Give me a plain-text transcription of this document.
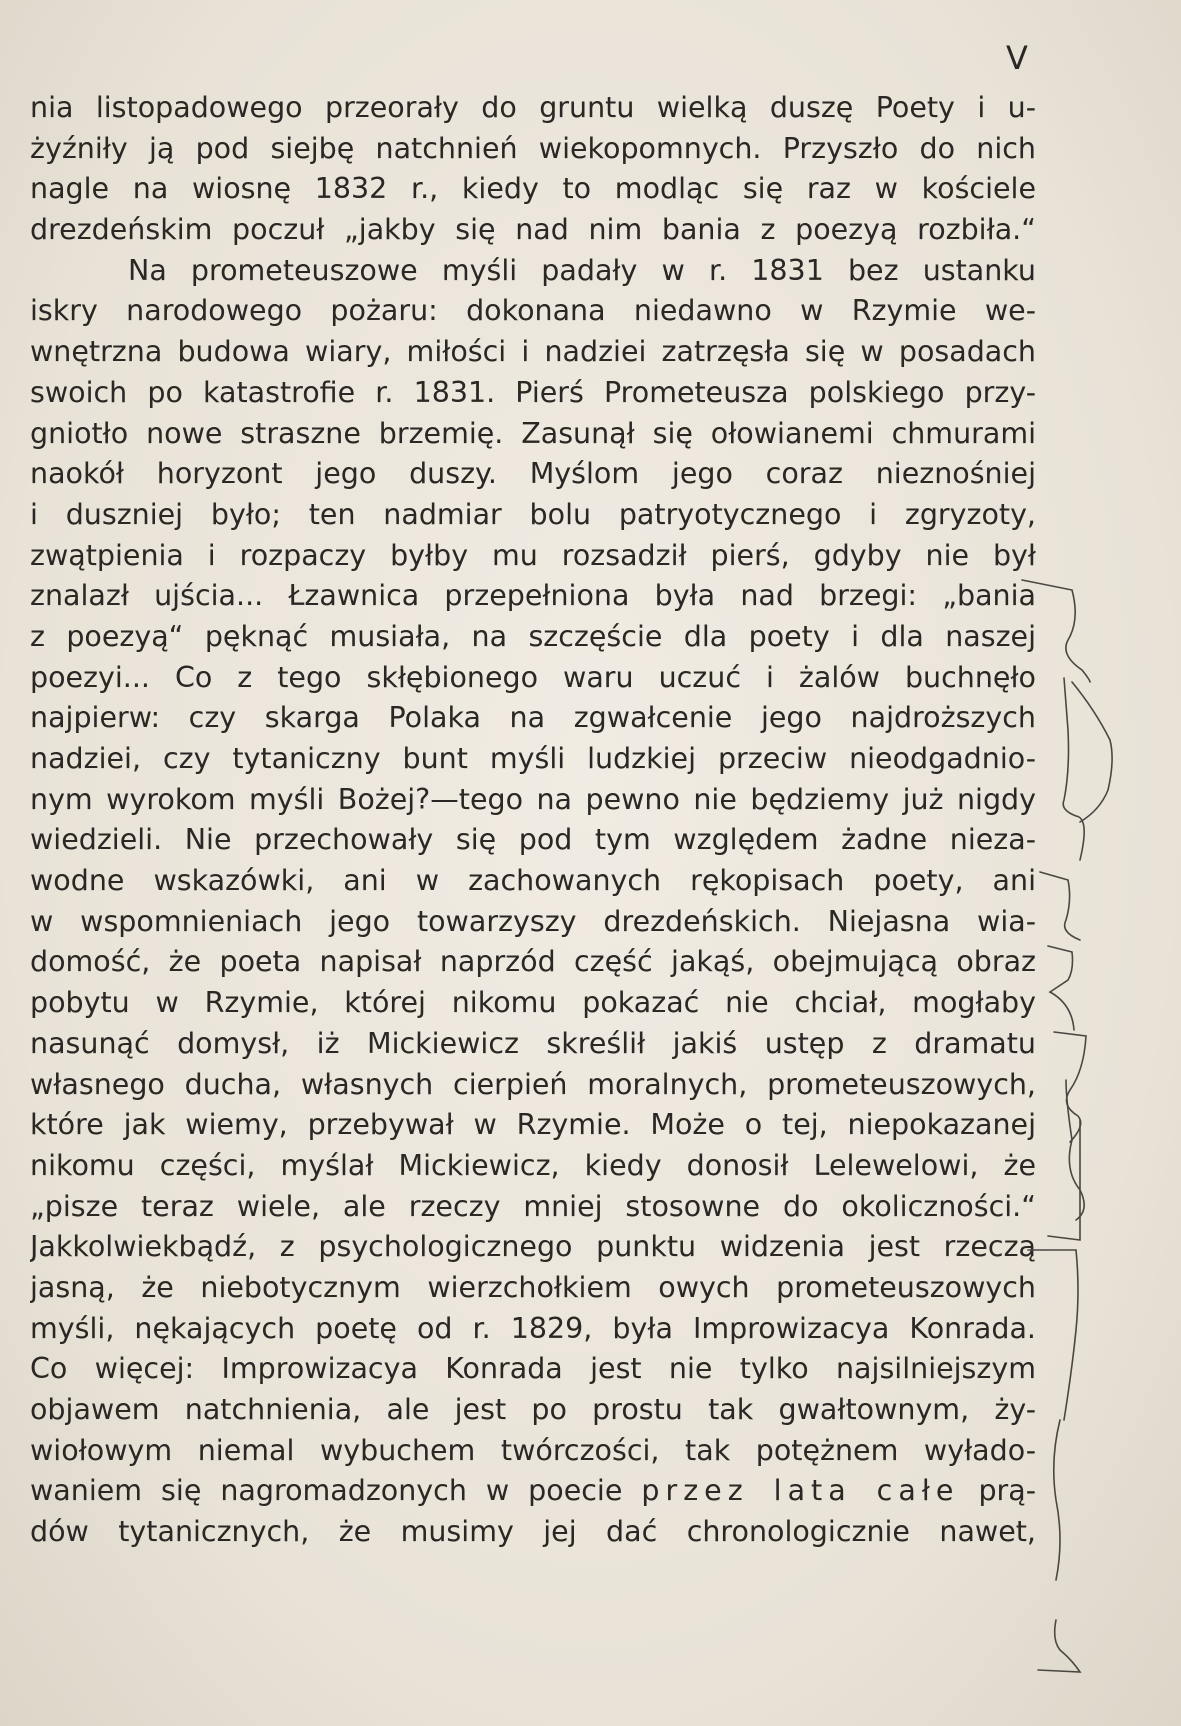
V
nia listopadowego przeorały do gruntu wielką duszę Poety i u-
żyźniły ją pod siejbę natchnień wiekopomnych. Przyszło do nich
nagle na wiosnę 1832 r., kiedy to modląc się raz w kościele
drezdeńskim poczuł „jakby się nad nim bania z poezyą rozbiła.“
Na prometeuszowe myśli padały w r. 1831 bez ustanku
iskry narodowego pożaru: dokonana niedawno w Rzymie we-
wnętrzna budowa wiary, miłości i nadziei zatrzęsła się w posadach
swoich po katastrofie r. 1831. Pierś Prometeusza polskiego przy-
gniotło nowe straszne brzemię. Zasunął się ołowianemi chmurami
naokół horyzont jego duszy. Myślom jego coraz nieznośniej
i duszniej było; ten nadmiar bolu patryotycznego i zgryzoty,
zwątpienia i rozpaczy byłby mu rozsadził pierś, gdyby nie był
znalazł ujścia... Łzawnica przepełniona była nad brzegi: „bania
z poezyą“ pęknąć musiała, na szczęście dla poety i dla naszej
poezyi... Co z tego skłębionego waru uczuć i żalów buchnęło
najpierw: czy skarga Polaka na zgwałcenie jego najdroższych
nadziei, czy tytaniczny bunt myśli ludzkiej przeciw nieodgadnio-
nym wyrokom myśli Bożej?—tego na pewno nie będziemy już nigdy
wiedzieli. Nie przechowały się pod tym względem żadne nieza-
wodne wskazówki, ani w zachowanych rękopisach poety, ani
w wspomnieniach jego towarzyszy drezdeńskich. Niejasna wia-
domość, że poeta napisał naprzód część jakąś, obejmującą obraz
pobytu w Rzymie, której nikomu pokazać nie chciał, mogłaby
nasunąć domysł, iż Mickiewicz skreślił jakiś ustęp z dramatu
własnego ducha, własnych cierpień moralnych, prometeuszowych,
które jak wiemy, przebywał w Rzymie. Może o tej, niepokazanej
nikomu części, myślał Mickiewicz, kiedy donosił Lelewelowi, że
„pisze teraz wiele, ale rzeczy mniej stosowne do okoliczności.“
Jakkolwiekbądź, z psychologicznego punktu widzenia jest rzeczą
jasną, że niebotycznym wierzchołkiem owych prometeuszowych
myśli, nękających poetę od r. 1829, była Improwizacya Konrada.
Co więcej: Improwizacya Konrada jest nie tylko najsilniejszym
objawem natchnienia, ale jest po prostu tak gwałtownym, ży-
wiołowym niemal wybuchem twórczości, tak potężnem wyłado-
waniem się nagromadzonych w poecie przez lata całe prą-
dów tytanicznych, że musimy jej dać chronologicznie nawet,
